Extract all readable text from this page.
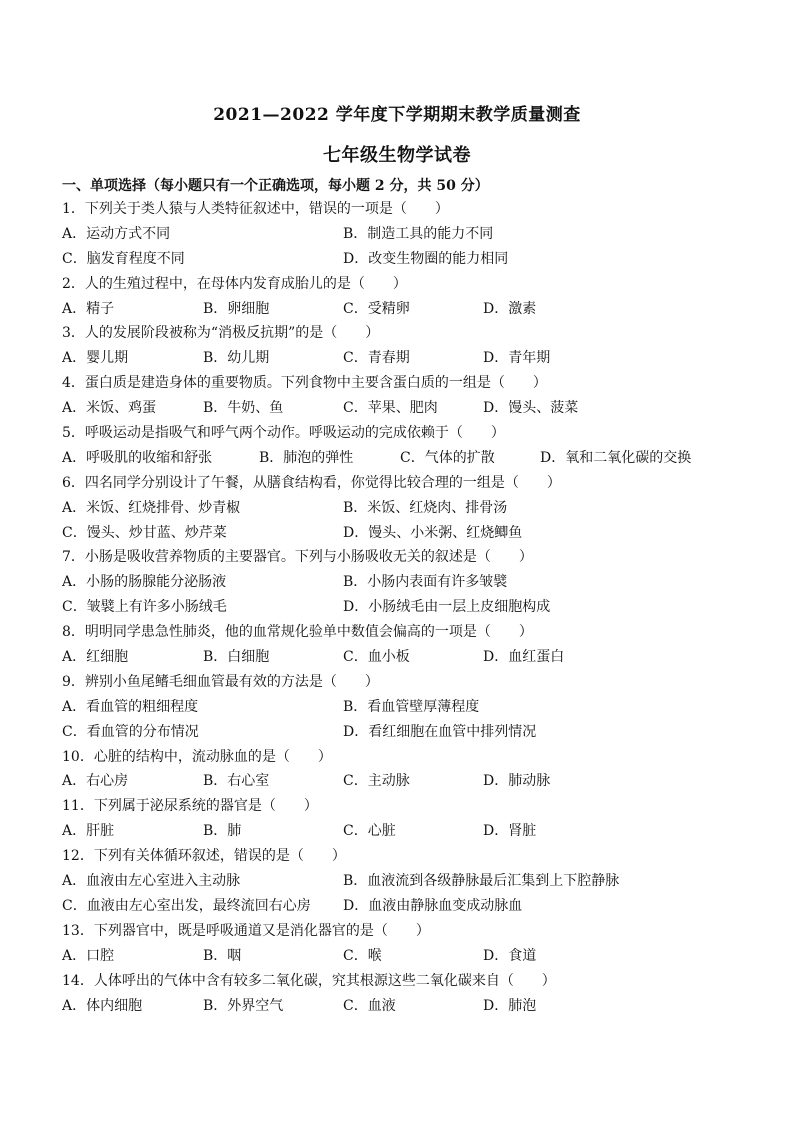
2021—2022 学年度下学期期末教学质量测查
七年级生物学试卷
一、单项选择（每小题只有一个正确选项，每小题 2 分，共 50 分）
1．下列关于类人猿与人类特征叙述中，错误的一项是（　　）
A．运动方式不同	B．制造工具的能力不同
C．脑发育程度不同	D．改变生物圈的能力相同
2．人的生殖过程中，在母体内发育成胎儿的是（　　）
A．精子	B．卵细胞	C．受精卵	D．激素
3．人的发展阶段被称为“消极反抗期”的是（　　）
A．婴儿期	B．幼儿期	C．青春期	D．青年期
4．蛋白质是建造身体的重要物质。下列食物中主要含蛋白质的一组是（　　）
A．米饭、鸡蛋	B．牛奶、鱼	C．苹果、肥肉	D．馒头、菠菜
5．呼吸运动是指吸气和呼气两个动作。呼吸运动的完成依赖于（　　）
A．呼吸肌的收缩和舒张	B．肺泡的弹性	C．气体的扩散	D．氧和二氧化碳的交换
6．四名同学分别设计了午餐，从膳食结构看，你觉得比较合理的一组是（　　）
A．米饭、红烧排骨、炒青椒	B．米饭、红烧肉、排骨汤
C．馒头、炒甘蓝、炒芹菜	D．馒头、小米粥、红烧鲫鱼
7．小肠是吸收营养物质的主要器官。下列与小肠吸收无关的叙述是（　　）
A．小肠的肠腺能分泌肠液	B．小肠内表面有许多皱襞
C．皱襞上有许多小肠绒毛	D．小肠绒毛由一层上皮细胞构成
8．明明同学患急性肺炎，他的血常规化验单中数值会偏高的一项是（　　）
A．红细胞	B．白细胞	C．血小板	D．血红蛋白
9．辨别小鱼尾鳍毛细血管最有效的方法是（　　）
A．看血管的粗细程度	B．看血管壁厚薄程度
C．看血管的分布情况	D．看红细胞在血管中排列情况
10．心脏的结构中，流动脉血的是（　　）
A．右心房	B．右心室	C．主动脉	D．肺动脉
11．下列属于泌尿系统的器官是（　　）
A．肝脏	B．肺	C．心脏	D．肾脏
12．下列有关体循环叙述，错误的是（　　）
A．血液由左心室进入主动脉	B．血液流到各级静脉最后汇集到上下腔静脉
C．血液由左心室出发，最终流回右心房 D．血液由静脉血变成动脉血
13．下列器官中，既是呼吸通道又是消化器官的是（　　）
A．口腔	B．咽	C．喉	D．食道
14．人体呼出的气体中含有较多二氧化碳，究其根源这些二氧化碳来自（　　）
A．体内细胞	B．外界空气	C．血液	D．肺泡
